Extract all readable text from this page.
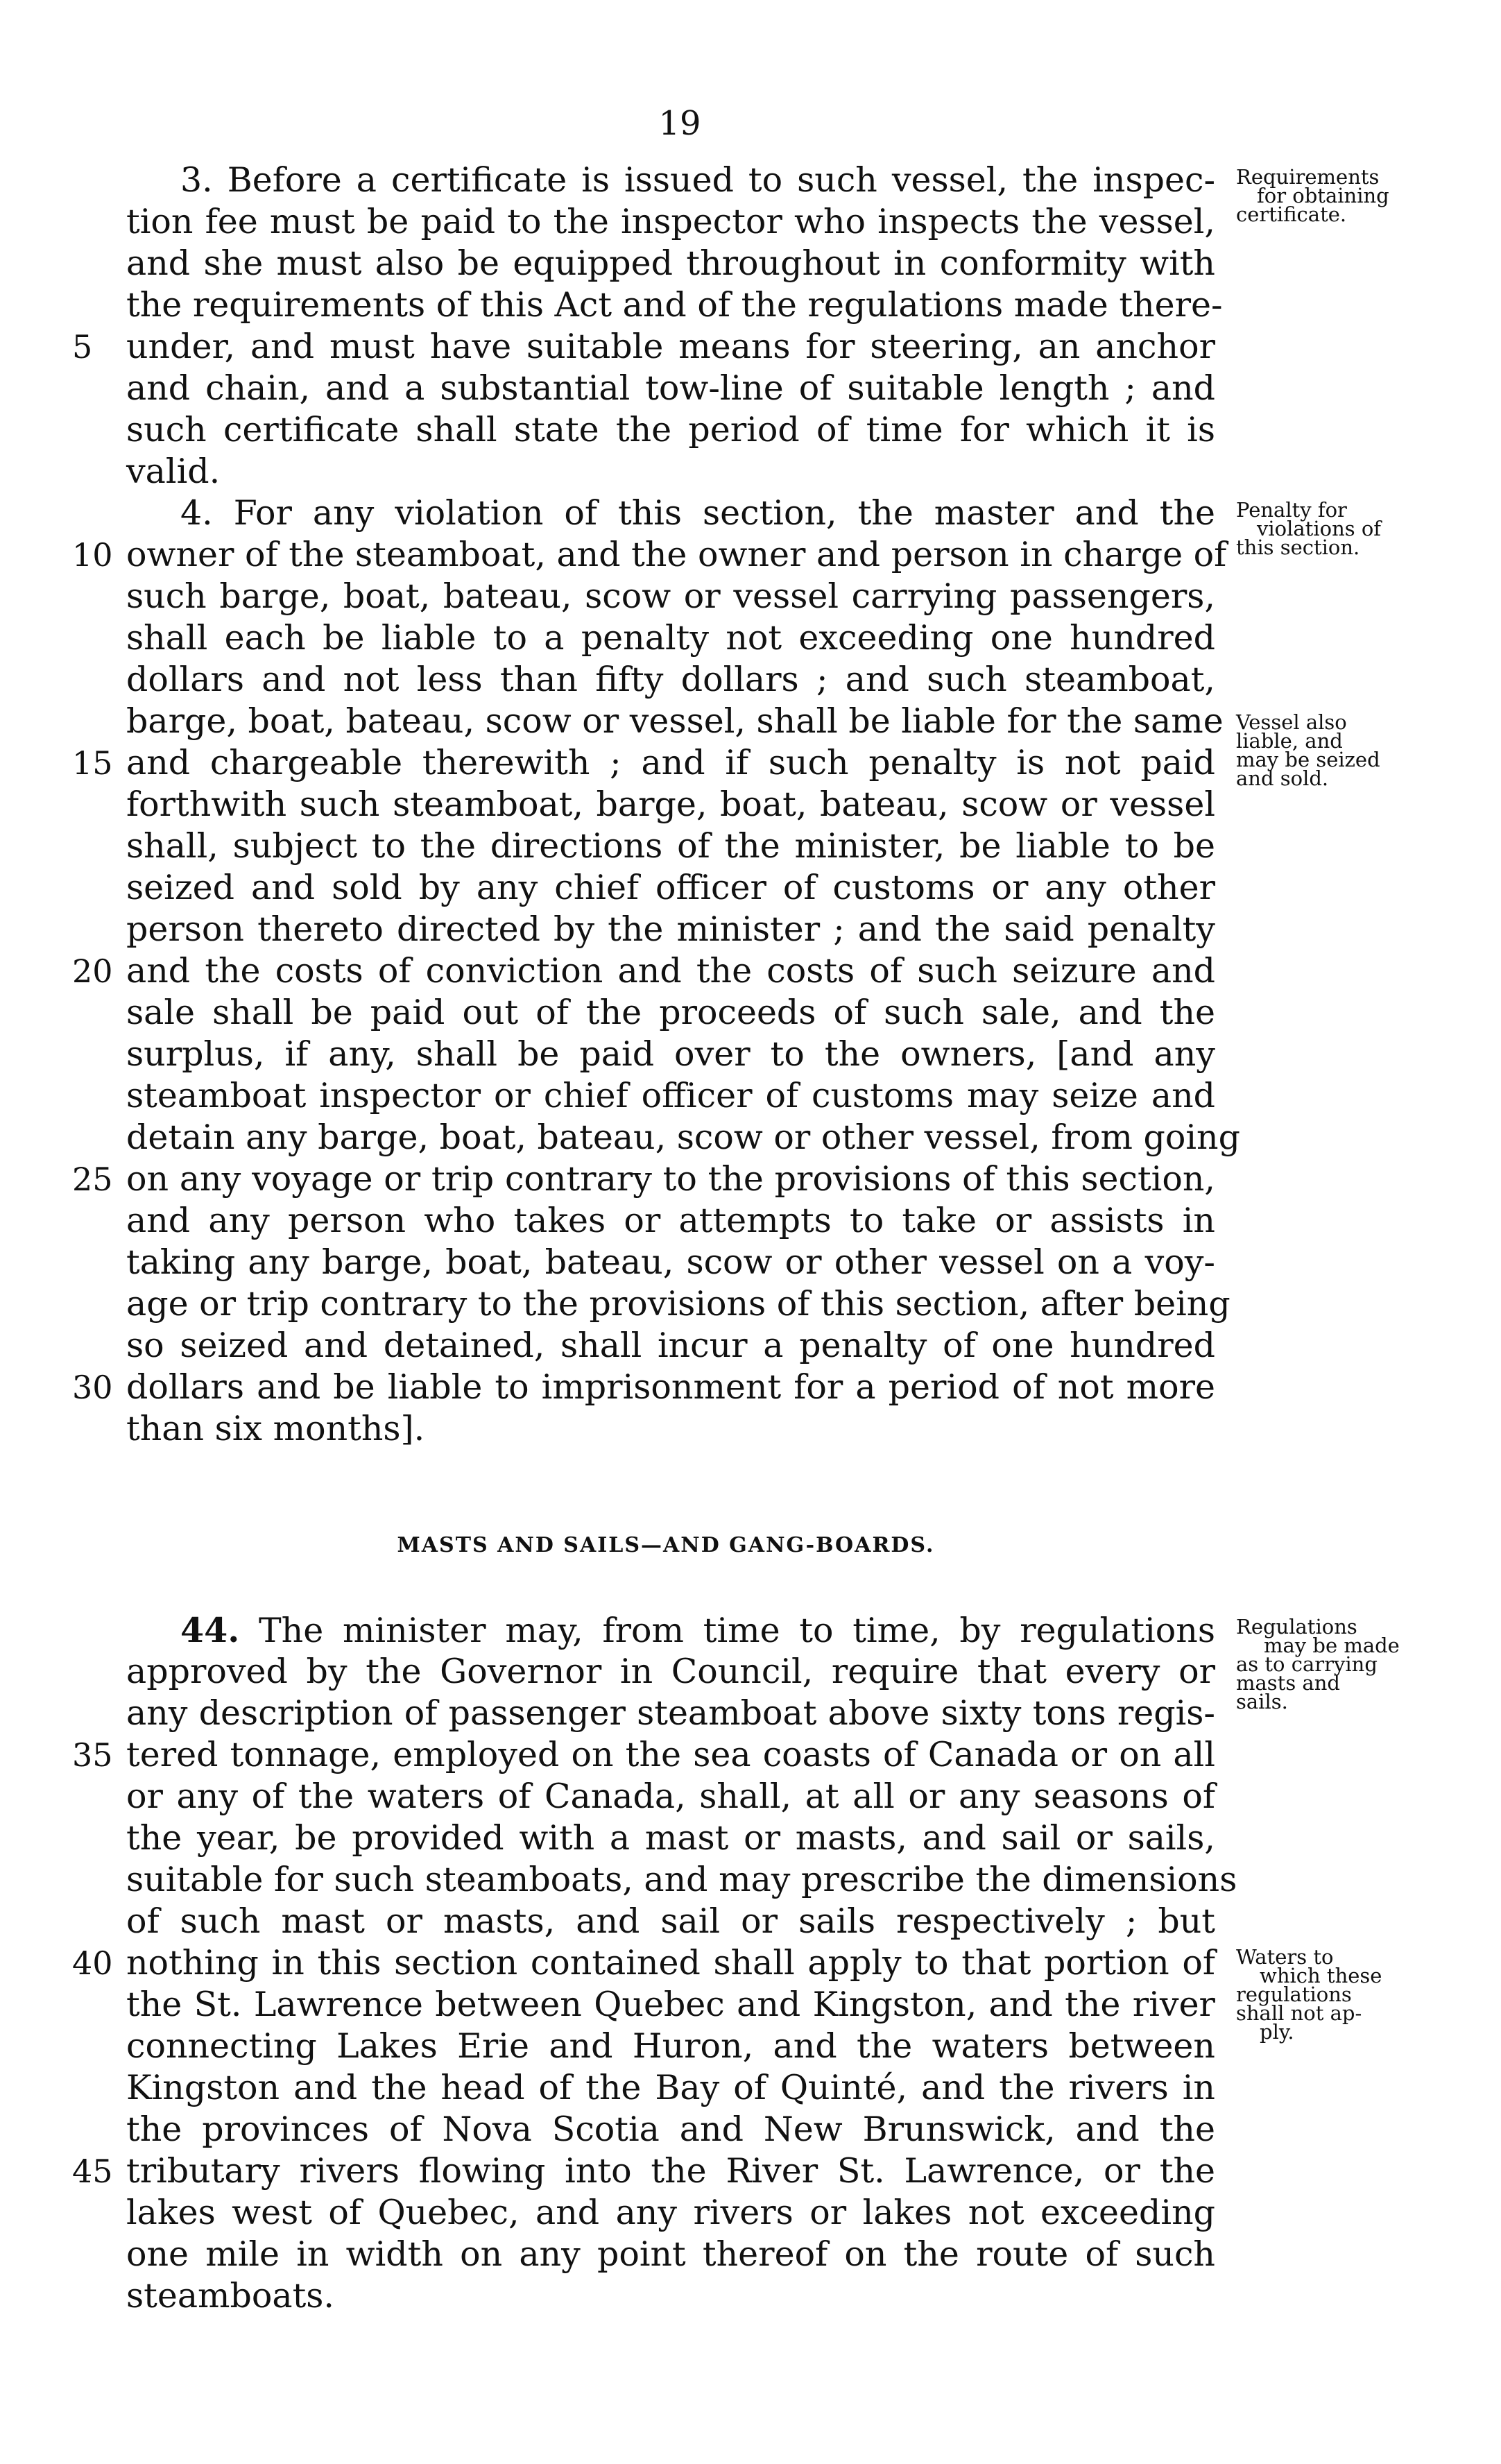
19
3. Before a certificate is issued to such vessel, the inspec-
tion fee must be paid to the inspector who inspects the vessel,
and she must also be equipped throughout in conformity with
the requirements of this Act and of the regulations made there-
under, and must have suitable means for steering, an anchor
and chain, and a substantial tow-line of suitable length ; and
such certificate shall state the period of time for which it is
valid.
4. For any violation of this section, the master and the
owner of the steamboat, and the owner and person in charge of
such barge, boat, bateau, scow or vessel carrying passengers,
shall each be liable to a penalty not exceeding one hundred
dollars and not less than fifty dollars ; and such steamboat,
barge, boat, bateau, scow or vessel, shall be liable for the same
and chargeable therewith ; and if such penalty is not paid
forthwith such steamboat, barge, boat, bateau, scow or vessel
shall, subject to the directions of the minister, be liable to be
seized and sold by any chief officer of customs or any other
person thereto directed by the minister ; and the said penalty
and the costs of conviction and the costs of such seizure and
sale shall be paid out of the proceeds of such sale, and the
surplus, if any, shall be paid over to the owners, [and any
steamboat inspector or chief officer of customs may seize and
detain any barge, boat, bateau, scow or other vessel, from going
on any voyage or trip contrary to the provisions of this section,
and any person who takes or attempts to take or assists in
taking any barge, boat, bateau, scow or other vessel on a voy-
age or trip contrary to the provisions of this section, after being
so seized and detained, shall incur a penalty of one hundred
dollars and be liable to imprisonment for a period of not more
than six months].
MASTS AND SAILS—AND GANG-BOARDS.
44. The minister may, from time to time, by regulations
approved by the Governor in Council, require that every or
any description of passenger steamboat above sixty tons regis-
tered tonnage, employed on the sea coasts of Canada or on all
or any of the waters of Canada, shall, at all or any seasons of
the year, be provided with a mast or masts, and sail or sails,
suitable for such steamboats, and may prescribe the dimensions
of such mast or masts, and sail or sails respectively ; but
nothing in this section contained shall apply to that portion of
the St. Lawrence between Quebec and Kingston, and the river
connecting Lakes Erie and Huron, and the waters between
Kingston and the head of the Bay of Quinté, and the rivers in
the provinces of Nova Scotia and New Brunswick, and the
tributary rivers flowing into the River St. Lawrence, or the
lakes west of Quebec, and any rivers or lakes not exceeding
one mile in width on any point thereof on the route of such
steamboats.
5
10
15
20
25
30
35
40
45
Requirements
for obtaining
certificate.
Penalty for
violations of
this section.
Vessel also
liable, and
may be seized
and sold.
Regulations
may be made
as to carrying
masts and
sails.
Waters to
which these
regulations
shall not ap-
ply.
